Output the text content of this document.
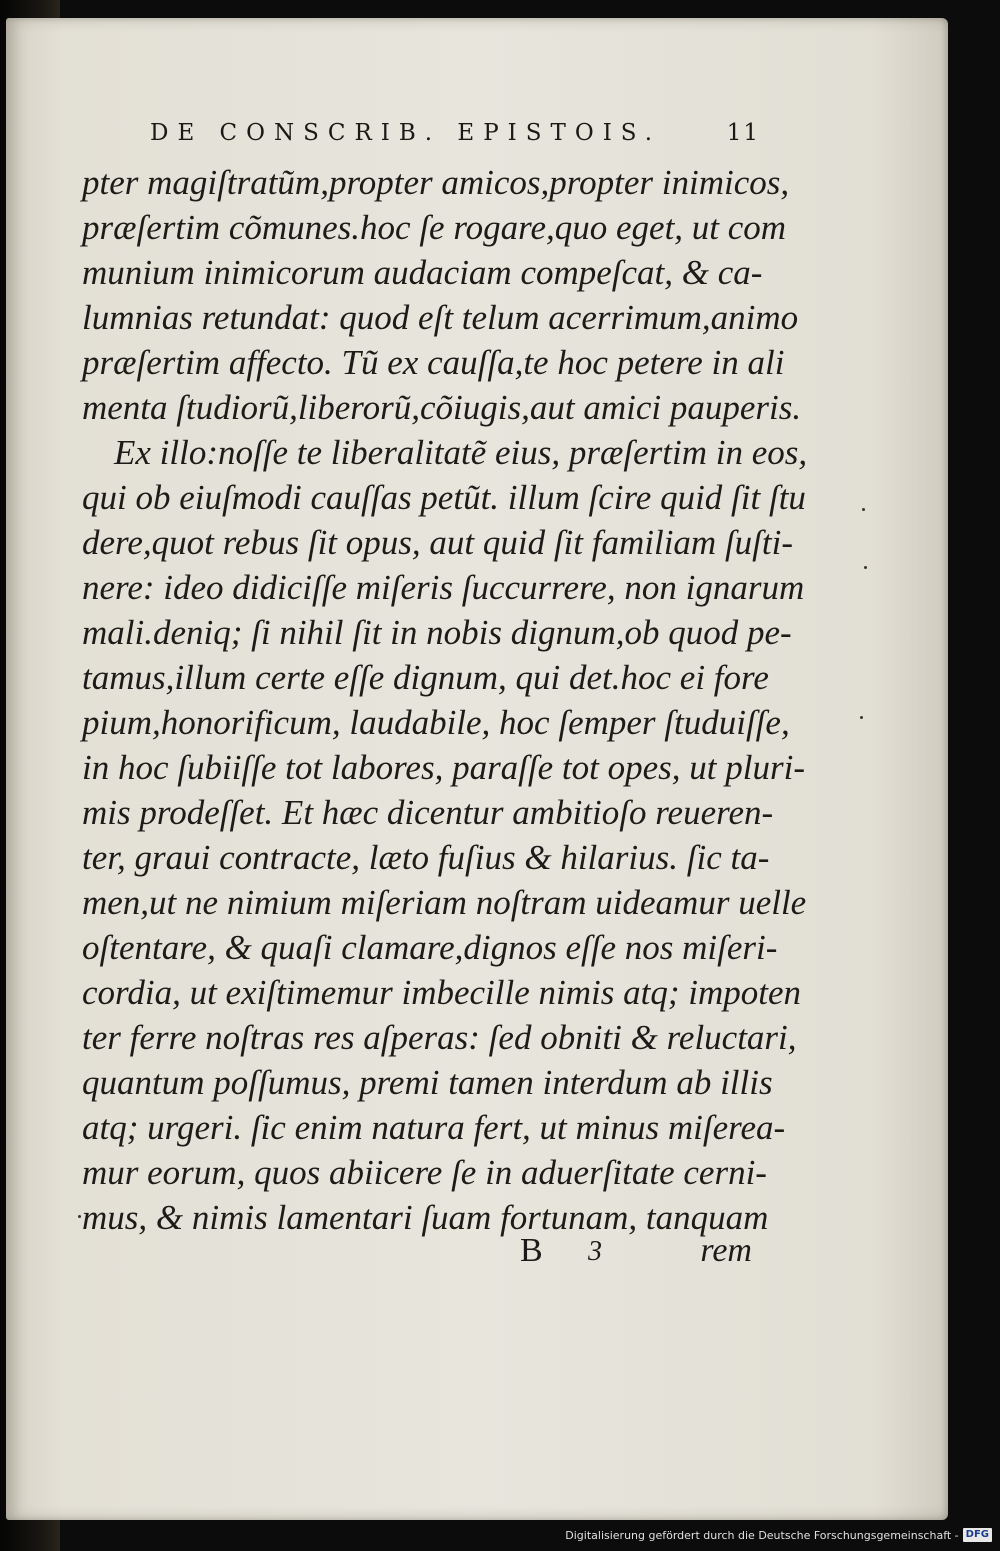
DE CONSCRIB. EPISTOIS.	11
pter magiſtratũm,propter amicos,propter inimicos,
præſertim cõmunes.hoc ſe rogare,quo eget, ut com
munium inimicorum audaciam compeſcat, & ca-
lumnias retundat: quod eſt telum acerrimum,animo
præſertim affecto. Tũ ex cauſſa,te hoc petere in ali
menta ſtudiorũ,liberorũ,cõiugis,aut amici pauperis.
Ex illo:noſſe te liberalitatẽ eius, præſertim in eos,
qui ob eiuſmodi cauſſas petũt. illum ſcire quid ſit ſtu
dere,quot rebus ſit opus, aut quid ſit familiam ſuſti-
nere: ideo didiciſſe miſeris ſuccurrere, non ignarum
mali.deniq; ſi nihil ſit in nobis dignum,ob quod pe-
tamus,illum certe eſſe dignum, qui det.hoc ei fore
pium,honorificum, laudabile, hoc ſemper ſtuduiſſe,
in hoc ſubiiſſe tot labores, paraſſe tot opes, ut pluri-
mis prodeſſet. Et hæc dicentur ambitioſo reueren-
ter, graui contracte, læto fuſius & hilarius. ſic ta-
men,ut ne nimium miſeriam noſtram uideamur uelle
oſtentare, & quaſi clamare,dignos eſſe nos miſeri-
cordia, ut exiſtimemur imbecille nimis atq; impoten
ter ferre noſtras res aſperas: ſed obniti & reluctari,
quantum poſſumus, premi tamen interdum ab illis
atq; urgeri. ſic enim natura fert, ut minus miſerea-
mur eorum, quos abiicere ſe in aduerſitate cerni-
mus, & nimis lamentari ſuam fortunam, tanquam
B 3	rem
Digitalisierung gefördert durch die Deutsche Forschungsgemeinschaft - DFG
